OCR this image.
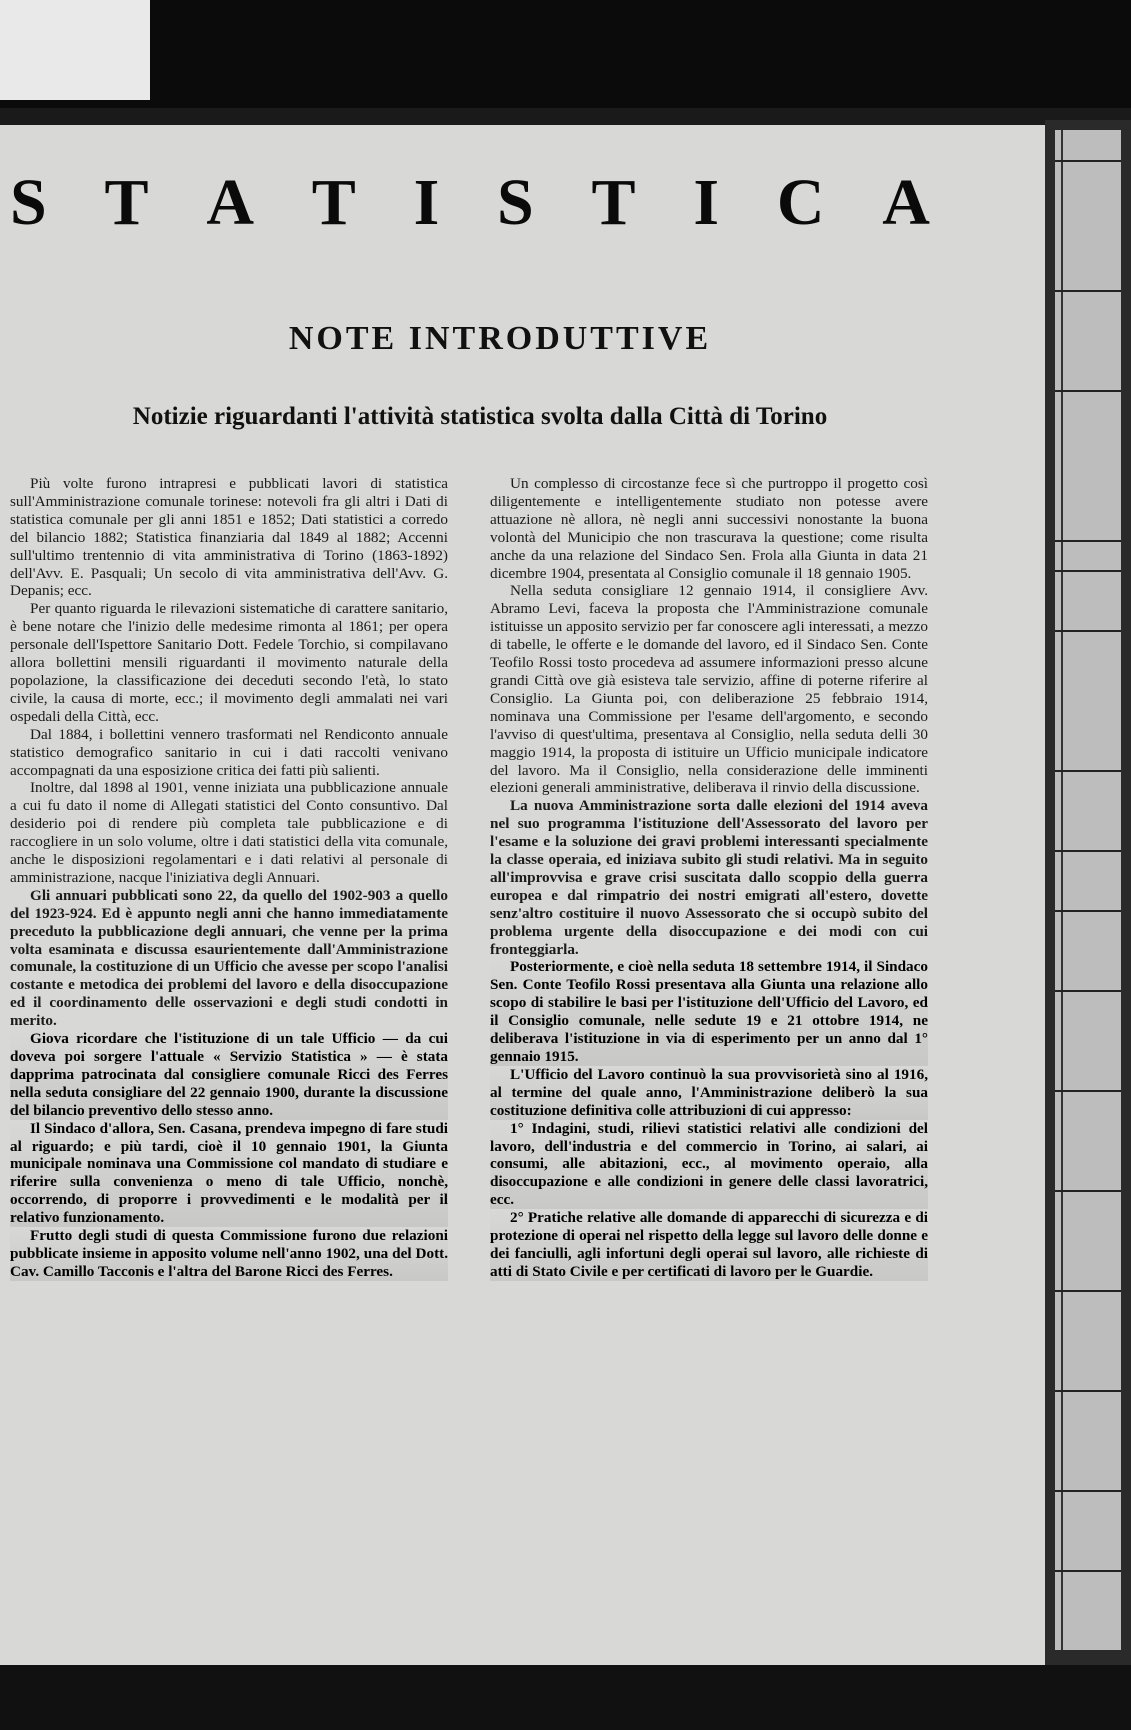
S T A T I S T I C A
NOTE INTRODUTTIVE
Notizie riguardanti l'attività statistica svolta dalla Città di Torino

Più volte furono intrapresi e pubblicati lavori di statistica sull'Amministrazione comunale torinese: notevoli fra gli altri i Dati di statistica comunale per gli anni 1851 e 1852; Dati statistici a corredo del bilancio 1882; Statistica finanziaria dal 1849 al 1882; Accenni sull'ultimo trentennio di vita amministrativa di Torino (1863-1892) dell'Avv. E. Pasquali; Un secolo di vita amministrativa dell'Avv. G. Depanis; ecc.

Per quanto riguarda le rilevazioni sistematiche di carattere sanitario, è bene notare che l'inizio delle medesime rimonta al 1861; per opera personale dell'Ispettore Sanitario Dott. Fedele Torchio, si compilavano allora bollettini mensili riguardanti il movimento naturale della popolazione, la classificazione dei deceduti secondo l'età, lo stato civile, la causa di morte, ecc.; il movimento degli ammalati nei vari ospedali della Città, ecc.

Dal 1884, i bollettini vennero trasformati nel Rendiconto annuale statistico demografico sanitario in cui i dati raccolti venivano accompagnati da una esposizione critica dei fatti più salienti.

Inoltre, dal 1898 al 1901, venne iniziata una pubblicazione annuale a cui fu dato il nome di Allegati statistici del Conto consuntivo. Dal desiderio poi di rendere più completa tale pubblicazione e di raccogliere in un solo volume, oltre i dati statistici della vita comunale, anche le disposizioni regolamentari e i dati relativi al personale di amministrazione, nacque l'iniziativa degli Annuari.

Gli annuari pubblicati sono 22, da quello del 1902-903 a quello del 1923-924. Ed è appunto negli anni che hanno immediatamente preceduto la pubblicazione degli annuari, che venne per la prima volta esaminata e discussa esaurientemente dall'Amministrazione comunale, la costituzione di un Ufficio che avesse per scopo l'analisi costante e metodica dei problemi del lavoro e della disoccupazione ed il coordinamento delle osservazioni e degli studi condotti in merito.

Giova ricordare che l'istituzione di un tale Ufficio — da cui doveva poi sorgere l'attuale « Servizio Statistica » — è stata dapprima patrocinata dal consigliere comunale Ricci des Ferres nella seduta consigliare del 22 gennaio 1900, durante la discussione del bilancio preventivo dello stesso anno.

Il Sindaco d'allora, Sen. Casana, prendeva impegno di fare studi al riguardo; e più tardi, cioè il 10 gennaio 1901, la Giunta municipale nominava una Commissione col mandato di studiare e riferire sulla convenienza o meno di tale Ufficio, nonchè, occorrendo, di proporre i provvedimenti e le modalità per il relativo funzionamento.

Frutto degli studi di questa Commissione furono due relazioni pubblicate insieme in apposito volume nell'anno 1902, una del Dott. Cav. Camillo Tacconis e l'altra del Barone Ricci des Ferres.

Un complesso di circostanze fece sì che purtroppo il progetto così diligentemente e intelligentemente studiato non potesse avere attuazione nè allora, nè negli anni successivi nonostante la buona volontà del Municipio che non trascurava la questione; come risulta anche da una relazione del Sindaco Sen. Frola alla Giunta in data 21 dicembre 1904, presentata al Consiglio comunale il 18 gennaio 1905.

Nella seduta consigliare 12 gennaio 1914, il consigliere Avv. Abramo Levi, faceva la proposta che l'Amministrazione comunale istituisse un apposito servizio per far conoscere agli interessati, a mezzo di tabelle, le offerte e le domande del lavoro, ed il Sindaco Sen. Conte Teofilo Rossi tosto procedeva ad assumere informazioni presso alcune grandi Città ove già esisteva tale servizio, affine di poterne riferire al Consiglio. La Giunta poi, con deliberazione 25 febbraio 1914, nominava una Commissione per l'esame dell'argomento, e secondo l'avviso di quest'ultima, presentava al Consiglio, nella seduta delli 30 maggio 1914, la proposta di istituire un Ufficio municipale indicatore del lavoro. Ma il Consiglio, nella considerazione delle imminenti elezioni generali amministrative, deliberava il rinvio della discussione.

La nuova Amministrazione sorta dalle elezioni del 1914 aveva nel suo programma l'istituzione dell'Assessorato del lavoro per l'esame e la soluzione dei gravi problemi interessanti specialmente la classe operaia, ed iniziava subito gli studi relativi. Ma in seguito all'improvvisa e grave crisi suscitata dallo scoppio della guerra europea e dal rimpatrio dei nostri emigrati all'estero, dovette senz'altro costituire il nuovo Assessorato che si occupò subito del problema urgente della disoccupazione e dei modi con cui fronteggiarla.

Posteriormente, e cioè nella seduta 18 settembre 1914, il Sindaco Sen. Conte Teofilo Rossi presentava alla Giunta una relazione allo scopo di stabilire le basi per l'istituzione dell'Ufficio del Lavoro, ed il Consiglio comunale, nelle sedute 19 e 21 ottobre 1914, ne deliberava l'istituzione in via di esperimento per un anno dal 1° gennaio 1915.

L'Ufficio del Lavoro continuò la sua provvisorietà sino al 1916, al termine del quale anno, l'Amministrazione deliberò la sua costituzione definitiva colle attribuzioni di cui appresso:

1° Indagini, studi, rilievi statistici relativi alle condizioni del lavoro, dell'industria e del commercio in Torino, ai salari, ai consumi, alle abitazioni, ecc., al movimento operaio, alla disoccupazione e alle condizioni in genere delle classi lavoratrici, ecc.

2° Pratiche relative alle domande di apparecchi di sicurezza e di protezione di operai nel rispetto della legge sul lavoro delle donne e dei fanciulli, agli infortuni degli operai sul lavoro, alle richieste di atti di Stato Civile e per certificati di lavoro per le Guardie.
